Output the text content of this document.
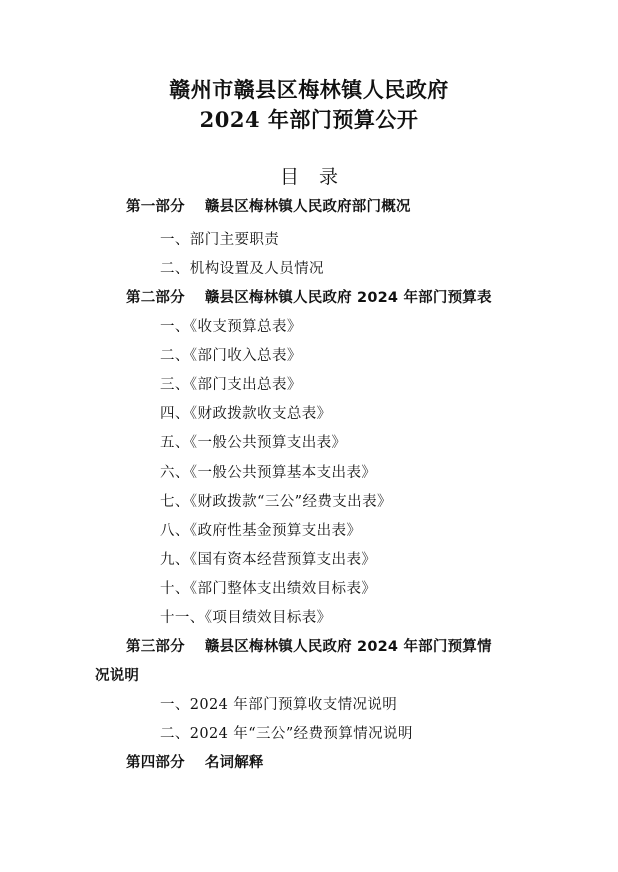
赣州市赣县区梅林镇人民政府
2024 年部门预算公开
目 录
第一部分 赣县区梅林镇人民政府部门概况
一、部门主要职责
二、机构设置及人员情况
第二部分 赣县区梅林镇人民政府 2024 年部门预算表
一、《收支预算总表》
二、《部门收入总表》
三、《部门支出总表》
四、《财政拨款收支总表》
五、《一般公共预算支出表》
六、《一般公共预算基本支出表》
七、《财政拨款“三公”经费支出表》
八、《政府性基金预算支出表》
九、《国有资本经营预算支出表》
十、《部门整体支出绩效目标表》
十一、《项目绩效目标表》
第三部分 赣县区梅林镇人民政府 2024 年部门预算情
况说明
一、2024 年部门预算收支情况说明
二、2024 年“三公”经费预算情况说明
第四部分 名词解释
